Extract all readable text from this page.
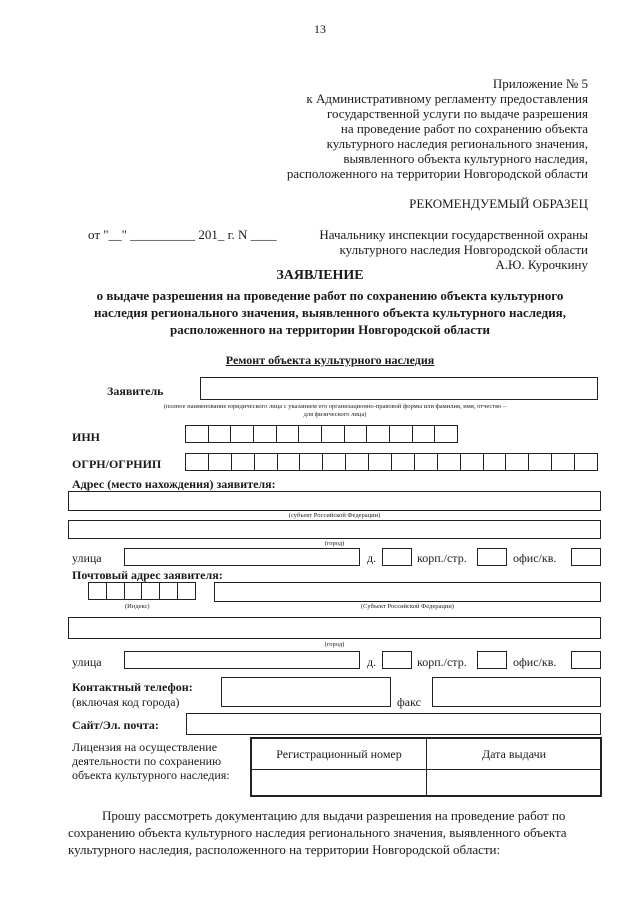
13
Приложение № 5
к Административному регламенту предоставления
государственной услуги по выдаче разрешения
на проведение работ по сохранению объекта
культурного наследия регионального значения,
выявленного объекта культурного наследия,
расположенного на территории Новгородской области
РЕКОМЕНДУЕМЫЙ ОБРАЗЕЦ
от "__" __________ 201_ г. N ____	Начальнику инспекции государственной охраны
культурного наследия Новгородской области
А.Ю. Курочкину
ЗАЯВЛЕНИЕ
о выдаче разрешения на проведение работ по сохранению объекта культурного
наследия регионального значения, выявленного объекта культурного наследия,
расположенного на территории Новгородской области
Ремонт объекта культурного наследия
Заявитель
(полное наименование юридического лица с указанием его организационно-правовой формы или фамилия, имя, отчество –
для физического лица)
ИНН
ОГРН/ОГРНИП
Адрес (место нахождения) заявителя:
(субъект Российской Федерации)
(город)
улица	д.	корп./стр.	офис/кв.
Почтовый адрес заявителя:
(Индекс)	(Субъект Российской Федерации)
(город)
улица	д.	корп./стр.	офис/кв.
Контактный телефон:
(включая код города)	факс
Сайт/Эл. почта:
Лицензия на осуществление
деятельности по сохранению
объекта культурного наследия:
Регистрационный номер	Дата выдачи
Прошу рассмотреть документацию для выдачи разрешения на проведение работ по
сохранению объекта культурного наследия регионального значения, выявленного объекта
культурного наследия, расположенного на территории Новгородской области:
